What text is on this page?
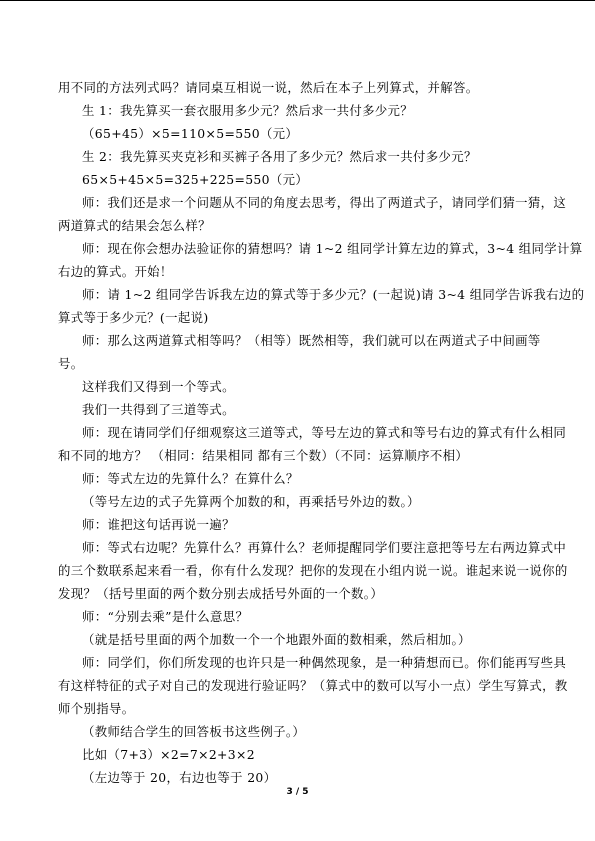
用不同的方法列式吗？请同桌互相说一说，然后在本子上列算式，并解答。

生 1：我先算买一套衣服用多少元？然后求一共付多少元？

（65+45）×5=110×5=550（元）

生 2：我先算买夹克衫和买裤子各用了多少元？然后求一共付多少元？

65×5+45×5=325+225=550（元）

师：我们还是求一个问题从不同的角度去思考，得出了两道式子，请同学们猜一猜，这

两道算式的结果会怎么样？

师：现在你会想办法验证你的猜想吗？请 1~2 组同学计算左边的算式，3~4 组同学计算

右边的算式。开始！

师：请 1~2 组同学告诉我左边的算式等于多少元？(一起说)请 3~4 组同学告诉我右边的

算式等于多少元？(一起说)

师：那么这两道算式相等吗？（相等）既然相等，我们就可以在两道式子中间画等

号。

这样我们又得到一个等式。

我们一共得到了三道等式。

师：现在请同学们仔细观察这三道等式，等号左边的算式和等号右边的算式有什么相同

和不同的地方？ （相同：结果相同 都有三个数）（不同：运算顺序不相）

师：等式左边的先算什么？在算什么？

（等号左边的式子先算两个加数的和，再乘括号外边的数。）

师：谁把这句话再说一遍？

师：等式右边呢？先算什么？再算什么？老师提醒同学们要注意把等号左右两边算式中

的三个数联系起来看一看，你有什么发现？把你的发现在小组内说一说。谁起来说一说你的

发现？（括号里面的两个数分别去成括号外面的一个数。）

师：“分别去乘”是什么意思？

（就是括号里面的两个加数一个一个地跟外面的数相乘，然后相加。）

师：同学们，你们所发现的也许只是一种偶然现象，是一种猜想而已。你们能再写些具

有这样特征的式子对自己的发现进行验证吗？（算式中的数可以写小一点）学生写算式，教

师个别指导。

（教师结合学生的回答板书这些例子。）

比如（7+3）×2=7×2+3×2

（左边等于 20，右边也等于 20）

3 / 5
